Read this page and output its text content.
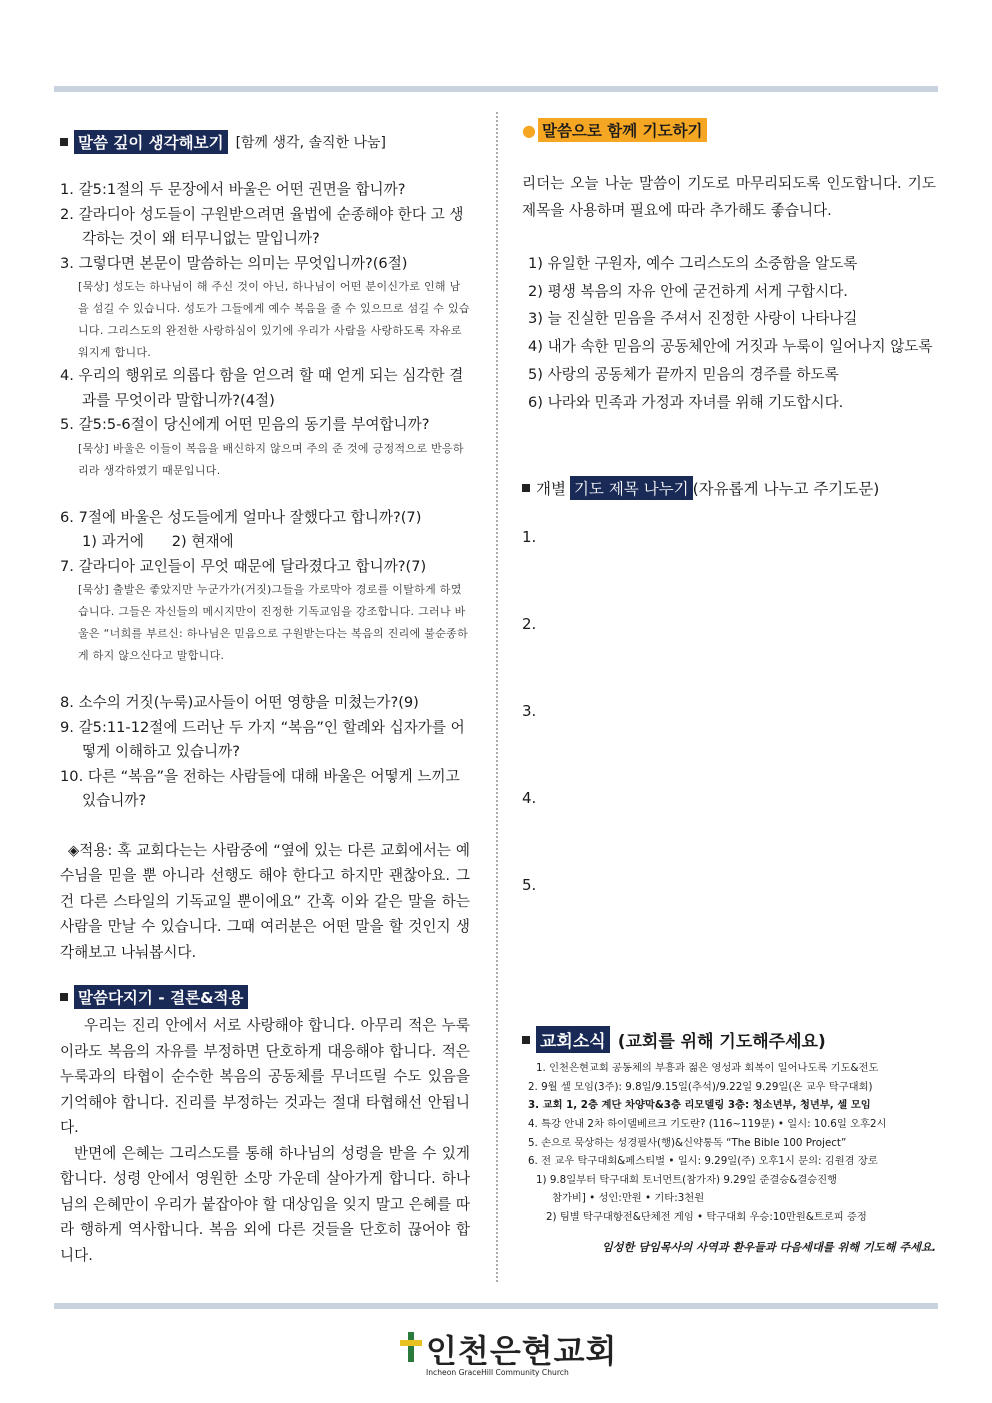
말씀 깊이 생각해보기 [함께 생각, 솔직한 나눔]

1. 갈5:1절의 두 문장에서 바울은 어떤 권면을 합니까?

2. 갈라디아 성도들이 구원받으려면 율법에 순종해야 한다 고 생각하는 것이 왜 터무니없는 말입니까?

3. 그렇다면 본문이 말씀하는 의미는 무엇입니까?(6절)

[묵상] 성도는 하나님이 해 주신 것이 아닌, 하나님이 어떤 분이신가로 인해 남을 섬길 수 있습니다. 성도가 그들에게 예수 복음을 줄 수 있으므로 섬길 수 있습니다. 그리스도의 완전한 사랑하심이 있기에 우리가 사람을 사랑하도록 자유로워지게 합니다.

4. 우리의 행위로 의롭다 함을 얻으려 할 때 얻게 되는 심각한 결과를 무엇이라 말합니까?(4절)

5. 갈5:5-6절이 당신에게 어떤 믿음의 동기를 부여합니까?

[묵상] 바울은 이들이 복음을 배신하지 않으며 주의 준 것에 긍정적으로 반응하리라 생각하였기 때문입니다.

6. 7절에 바울은 성도들에게 얼마나 잘했다고 합니까?(7)

1) 과거에      2) 현재에

7. 갈라디아 교인들이 무엇 때문에 달라졌다고 합니까?(7)

[묵상] 출발은 좋았지만 누군가가(거짓)그들을 가로막아 경로를 이탈하게 하였습니다. 그들은 자신들의 메시지만이 진정한 기독교임을 강조합니다. 그러나 바울은 “너희를 부르신: 하나님은 믿음으로 구원받는다는 복음의 진리에 불순종하게 하지 않으신다고 말합니다.

8. 소수의 거짓(누룩)교사들이 어떤 영향을 미쳤는가?(9)

9. 갈5:11-12절에 드러난 두 가지 “복음”인 할례와 십자가를 어떻게 이해하고 있습니까?

10. 다른 “복음”을 전하는 사람들에 대해 바울은 어떻게 느끼고 있습니까?

◈적용: 혹 교회다는는 사람중에 “옆에 있는 다른 교회에서는 예수님을 믿을 뿐 아니라 선행도 해야 한다고 하지만 괜찮아요. 그건 다른 스타일의 기독교일 뿐이에요” 간혹 이와 같은 말을 하는 사람을 만날 수 있습니다. 그때 여러분은 어떤 말을 할 것인지 생각해보고 나눠봅시다.

말씀다지기 - 결론&적용

우리는 진리 안에서 서로 사랑해야 합니다. 아무리 적은 누룩이라도 복음의 자유를 부정하면 단호하게 대응해야 합니다. 적은 누룩과의 타협이 순수한 복음의 공동체를 무너뜨릴 수도 있음을 기억해야 합니다. 진리를 부정하는 것과는 절대 타협해선 안됩니다.

반면에 은혜는 그리스도를 통해 하나님의 성령을 받을 수 있게 합니다. 성령 안에서 영원한 소망 가운데 살아가게 합니다. 하나님의 은혜만이 우리가 붙잡아야 할 대상임을 잊지 말고 은혜를 따라 행하게 역사합니다. 복음 외에 다른 것들을 단호히 끊어야 합니다.

● 말씀으로 함께 기도하기

리더는 오늘 나눈 말씀이 기도로 마무리되도록 인도합니다. 기도 제목을 사용하며 필요에 따라 추가해도 좋습니다.

1) 유일한 구원자, 예수 그리스도의 소중함을 알도록

2) 평생 복음의 자유 안에 굳건하게 서게 구합시다.

3) 늘 진실한 믿음을 주셔서 진정한 사랑이 나타나길

4) 내가 속한 믿음의 공동체안에 거짓과 누룩이 일어나지 않도록

5) 사랑의 공동체가 끝까지 믿음의 경주를 하도록

6) 나라와 민족과 가정과 자녀를 위해 기도합시다.

개별 기도 제목 나누기 (자유롭게 나누고 주기도문)

1.

2.

3.

4.

5.

교회소식 (교회를 위해 기도해주세요)

1. 인천은현교회 공동체의 부흥과 젊은 영성과 회복이 일어나도록 기도&전도

2. 9월 셀 모임(3주): 9.8일/9.15일(추석)/9.22일 9.29일(온 교우 탁구대회)

3. 교회 1, 2층 계단 차양막&3층 리모델링 3층: 청소년부, 청년부, 셀 모임

4. 특강 안내 2차 하이델베르크 기도란? (116~119문) • 일시: 10.6일 오후2시

5. 손으로 묵상하는 성경필사(행)&신약통독 “The Bible 100 Project”

6. 전 교우 탁구대회&페스티벌 • 일시: 9.29일(주) 오후1시 문의: 김원겸 장로

1) 9.8일부터 탁구대회 토너먼트(참가자) 9.29일 준결승&결승진행

참가비] • 성인:만원 • 기타:3천원

2) 팀별 탁구대항전&단체전 게임 • 탁구대회 우승:10만원&트로피 증정

임성한 담임목사의 사역과 환우들과 다음세대를 위해 기도해 주세요.

인천은현교회
Incheon GraceHill Community Church
